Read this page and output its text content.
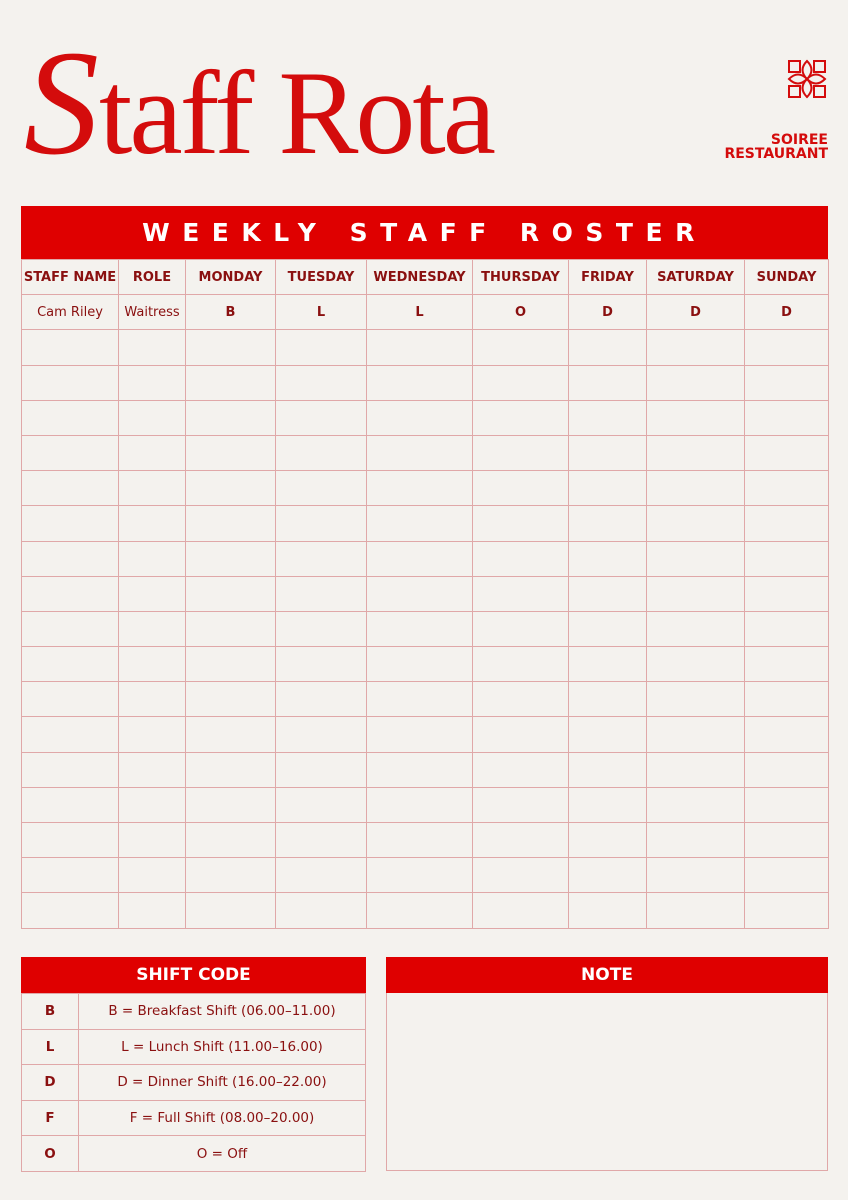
Staff Rota	SOIREE
RESTAURANT
WEEKLY STAFF ROSTER
STAFF NAME	ROLE	MONDAY	TUESDAY	WEDNESDAY	THURSDAY	FRIDAY	SATURDAY	SUNDAY
Cam Riley	Waitress	B	L	L	O	D	D	D

SHIFT CODE
B	B = Breakfast Shift (06.00–11.00)
L	L = Lunch Shift (11.00–16.00)
D	D = Dinner Shift (16.00–22.00)
F	F = Full Shift (08.00–20.00)
O	O = Off
NOTE
